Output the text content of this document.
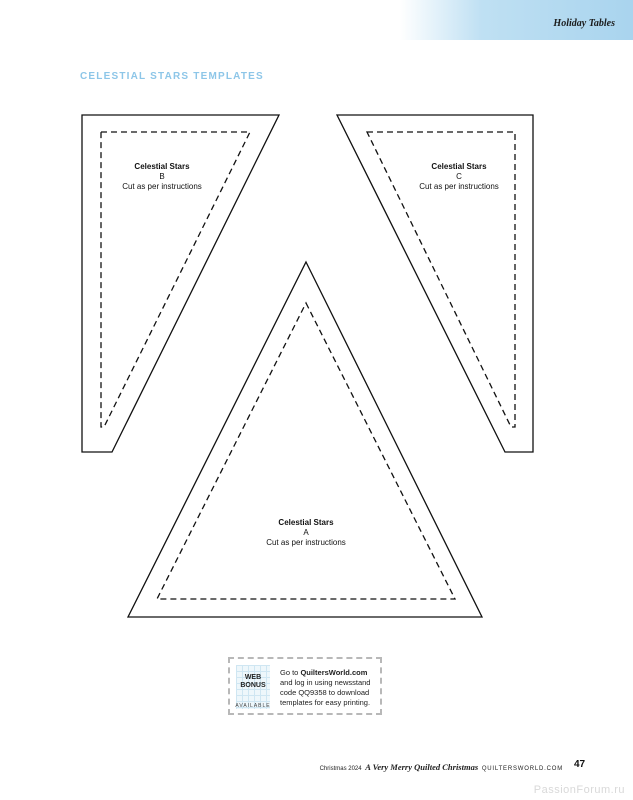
Holiday Tables
CELESTIAL STARS TEMPLATES
Celestial Stars
B
Cut as per instructions
Celestial Stars
C
Cut as per instructions
Celestial Stars
A
Cut as per instructions
WEB
BONUS
AVAILABLE
Go to QuiltersWorld.com
and log in using newsstand
code QQ9358 to download
templates for easy printing.
Christmas 2024 A Very Merry Quilted Christmas QUILTERSWORLD.COM 47
PassionForum.ru
